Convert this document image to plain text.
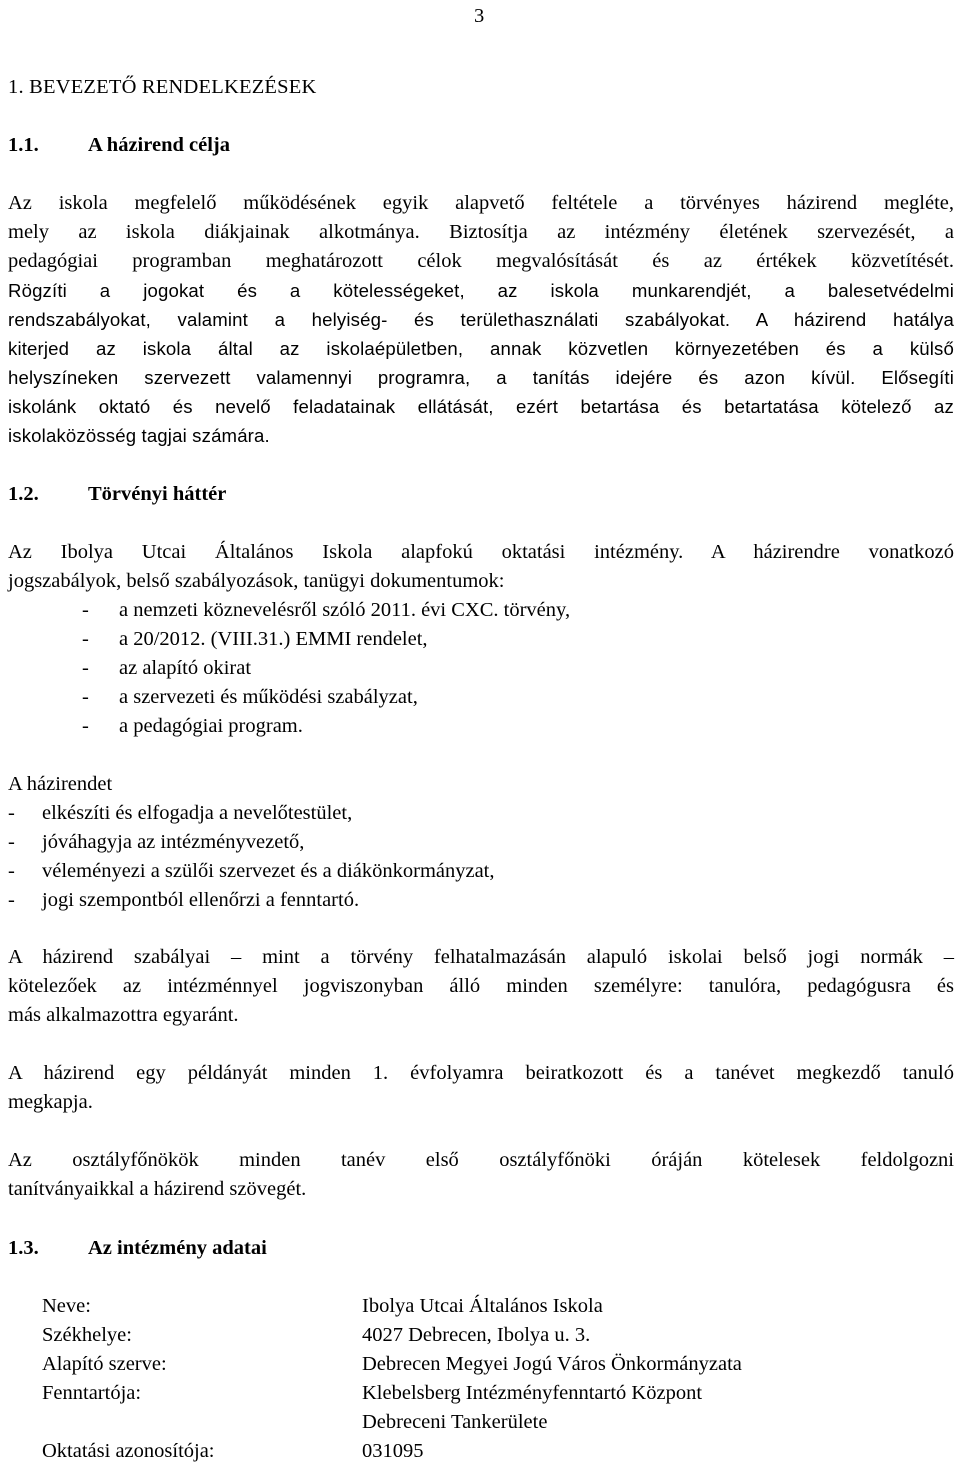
3
1. BEVEZETŐ RENDELKEZÉSEK
1.1. A házirend célja
Az iskola megfelelő működésének egyik alapvető feltétele a törvényes házirend megléte,
mely az iskola diákjainak alkotmánya. Biztosítja az intézmény életének szervezését, a
pedagógiai programban meghatározott célok megvalósítását és az értékek közvetítését.
Rögzíti a jogokat és a kötelességeket, az iskola munkarendjét, a balesetvédelmi
rendszabályokat, valamint a helyiség- és területhasználati szabályokat. A házirend hatálya
kiterjed az iskola által az iskolaépületben, annak közvetlen környezetében és a külső
helyszíneken szervezett valamennyi programra, a tanítás idejére és azon kívül. Elősegíti
iskolánk oktató és nevelő feladatainak ellátását, ezért betartása és betartatása kötelező az
iskolaközösség tagjai számára.
1.2. Törvényi háttér
Az Ibolya Utcai Általános Iskola alapfokú oktatási intézmény. A házirendre vonatkozó
jogszabályok, belső szabályozások, tanügyi dokumentumok:
- a nemzeti köznevelésről szóló 2011. évi CXC. törvény,
- a 20/2012. (VIII.31.) EMMI rendelet,
- az alapító okirat
- a szervezeti és működési szabályzat,
- a pedagógiai program.
A házirendet
- elkészíti és elfogadja a nevelőtestület,
- jóváhagyja az intézményvezető,
- véleményezi a szülői szervezet és a diákönkormányzat,
- jogi szempontból ellenőrzi a fenntartó.
A házirend szabályai – mint a törvény felhatalmazásán alapuló iskolai belső jogi normák –
kötelezőek az intézménnyel jogviszonyban álló minden személyre: tanulóra, pedagógusra és
más alkalmazottra egyaránt.
A házirend egy példányát minden 1. évfolyamra beiratkozott és a tanévet megkezdő tanuló
megkapja.
Az osztályfőnökök minden tanév első osztályfőnöki óráján kötelesek feldolgozni
tanítványaikkal a házirend szövegét.
1.3. Az intézmény adatai
Neve:	Ibolya Utcai Általános Iskola
Székhelye:	4027 Debrecen, Ibolya u. 3.
Alapító szerve:	Debrecen Megyei Jogú Város Önkormányzata
Fenntartója:	Klebelsberg Intézményfenntartó Központ
Debreceni Tankerülete
Oktatási azonosítója:	031095
